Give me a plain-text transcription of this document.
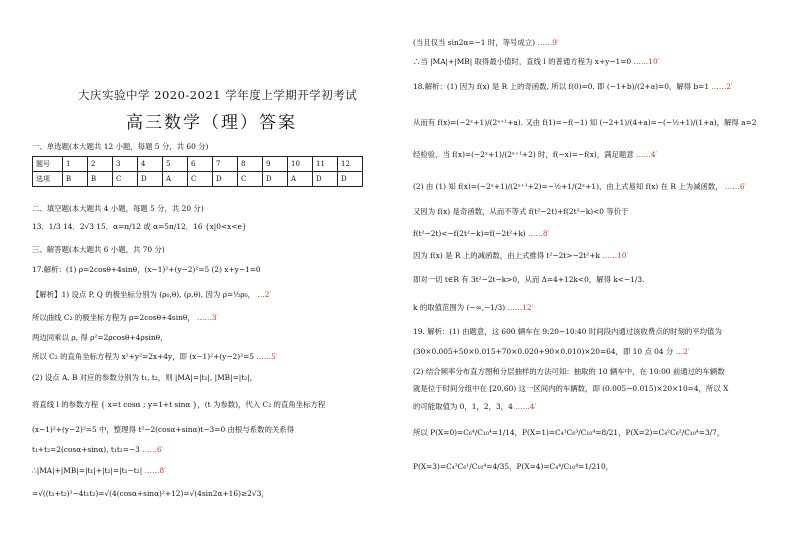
大庆实验中学 2020-2021 学年度上学期开学初考试
高三数学（理）答案
一、单选题(本大题共 12 小题，每题 5 分，共 60 分)
题号	1	2	3	4	5	6	7	8	9	10	11	12
选项	B	B	C	D	A	C	D	C	D	A	D	D
二、填空题(本大题共 4 小题，每题 5 分，共 20 分)
13．1/3 14．2√3 15．α=π/12 或 α=5π/12．16 {x|0<x<e}
三、解答题(本大题共 6 小题，共 70 分)
17.解析：(1) ρ=2cosθ+4sinθ，(x−1)²+(y−2)²=5 (2) x+y−1=0
【解析】1) 设点 P, Q 的极坐标分别为 (ρ₀,θ), (ρ,θ), 因为 ρ=½ρ₀， …2′
所以曲线 C₂ 的极坐标方程为 ρ=2cosθ+4sinθ， ……3′
两边同乘以 ρ, 得 ρ²=2ρcosθ+4ρsinθ，
所以 C₂ 的直角坐标方程为 x²+y²=2x+4y，即 (x−1)²+(y−2)²=5 ……5′
(2) 设点 A, B 对应的参数分别为 t₁, t₂，则 |MA|=|t₁|, |MB|=|t₂|，
将直线 l 的参数方程 { x=t cosα ; y=1+t sinα }，(t 为参数)，代入 C₂ 的直角坐标方程
(x−1)²+(y−2)²=5 中，整理得 t²−2(cosα+sinα)t−3=0 由根与系数的关系得
t₁+t₂=2(cosα+sinα), t₁t₂=−3 ……6′
∴|MA|+|MB|=|t₁|+|t₂|=|t₁−t₂| ……8′
=√((t₁+t₂)²−4t₁t₂)=√(4(cosα+sinα)²+12)=√(4sin2α+16)≥2√3，
(当且仅当 sin2α=−1 时，等号成立) ……9′
∴当 |MA|+|MB| 取得最小值时，直线 l 的普通方程为 x+y−1=0 ……10′
18.解析：(1) 因为 f(x) 是 R 上的奇函数, 所以 f(0)=0, 即 (−1+b)/(2+a)=0，解得 b=1 ……2′
从而有 f(x)=(−2ˣ+1)/(2ˣ⁺¹+a). 又由 f(1)=−f(−1) 知 (−2+1)/(4+a)=−(−½+1)/(1+a)，解得 a=2
经检验，当 f(x)=(−2ˣ+1)/(2ˣ⁺¹+2) 时，f(−x)=−f(x)，满足题意 ……4′
(2) 由 (1) 知 f(x)=(−2ˣ+1)/(2ˣ⁺¹+2)=−½+1/(2ˣ+1)，由上式易知 f(x) 在 R 上为减函数， ……6′
又因为 f(x) 是奇函数，从而不等式 f(t²−2t)+f(2t²−k)<0 等价于
f(t²−2t)<−f(2t²−k)=f(−2t²+k) ……8′
因为 f(x) 是 R 上的减函数，由上式推得 t²−2t>−2t²+k ……10′
即对一切 t∈R 有 3t²−2t−k>0，从而 Δ=4+12k<0，解得 k<−1/3.
k 的取值范围为 (−∞,−1/3) ……12′
19. 解析：(1) 由题意，这 600 辆车在 9:20~10:40 时间段内通过该收费点的时刻的平均值为
(30×0.005+50×0.015+70×0.020+90×0.010)×20=64，即 10 点 04 分 …2′
(2) 结合频率分布直方图和分层抽样的方法可知：抽取的 10 辆车中，在 10:00 前通过的车辆数
就是位于时间分组中在 [20,60) 这一区间内的车辆数，即 (0.005−0.015)×20×10=4，所以 X
的可能取值为 0，1，2，3，4 ……4′
所以 P(X=0)=C₆⁴/C₁₀⁴=1/14，P(X=1)=C₄¹C₆³/C₁₀⁴=8/21，P(X=2)=C₄²C₆²/C₁₀⁴=3/7，
P(X=3)=C₄³C₆¹/C₁₀⁴=4/35，P(X=4)=C₄⁴/C₁₀⁴=1/210，
